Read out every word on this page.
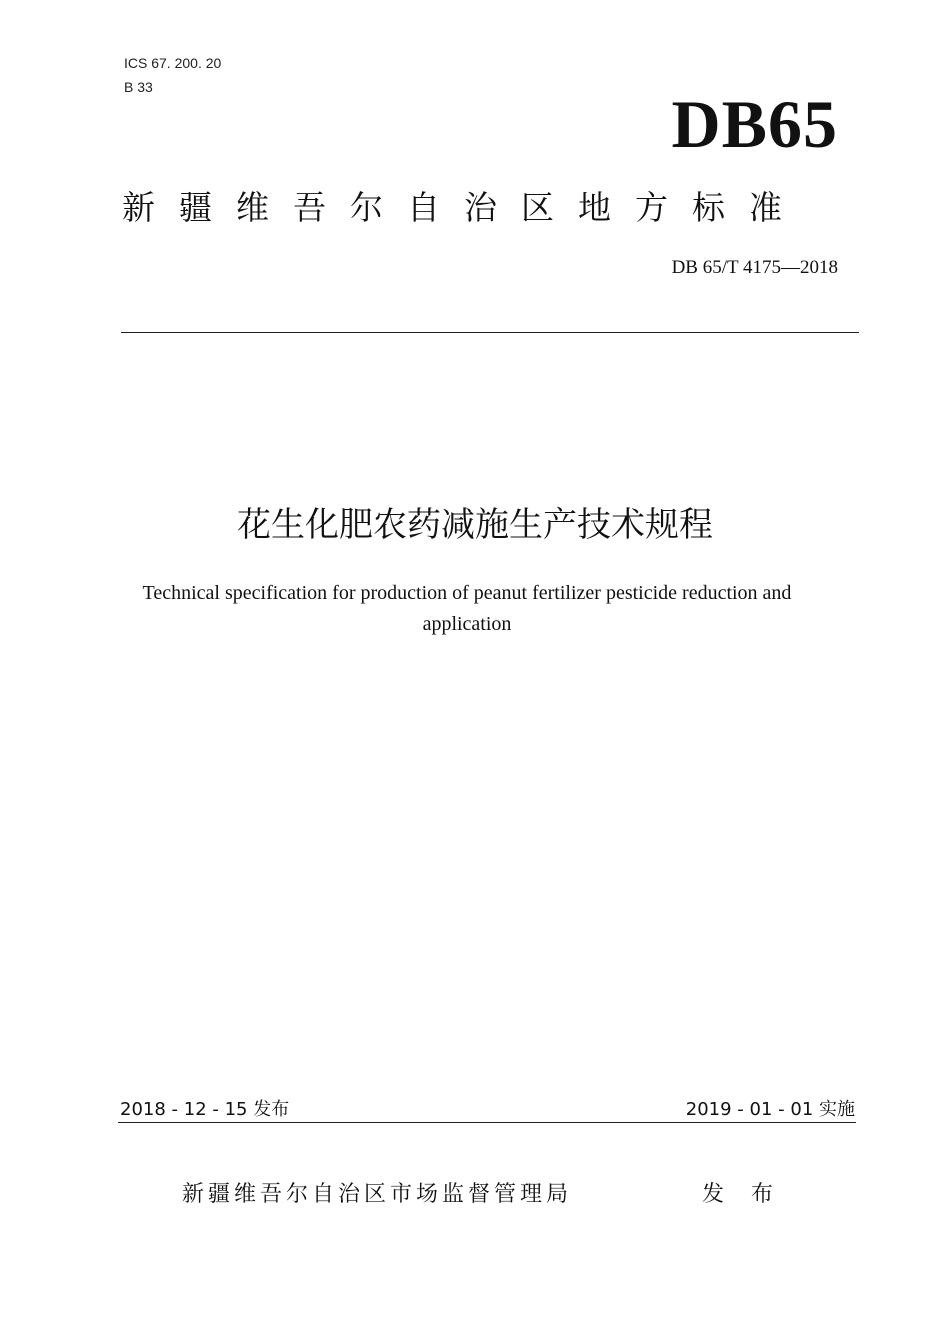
ICS 67. 200. 20
B 33	DB65
新疆维吾尔自治区地方标准
DB 65/T 4175—2018
花生化肥农药减施生产技术规程
Technical specification for production of peanut fertilizer pesticide reduction and application
2018 - 12 - 15 发布	2019 - 01 - 01 实施
新疆维吾尔自治区市场监督管理局	发 布
